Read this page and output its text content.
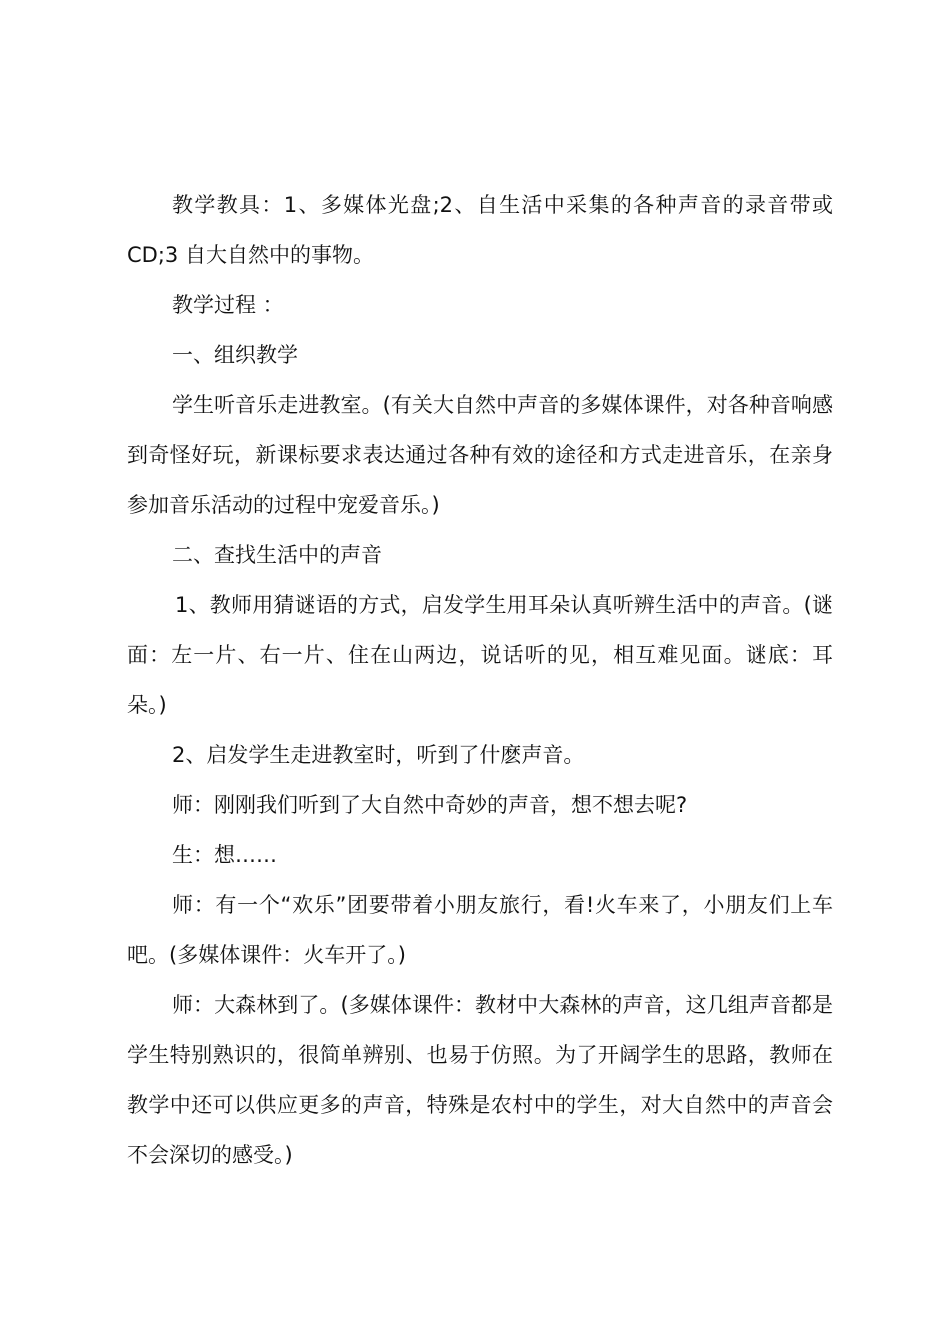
教学教具：1、多媒体光盘;2、自生活中采集的各种声音的录音带或CD;3 自大自然中的事物。

教学过程 ：

一、组织教学

学生听音乐走进教室。(有关大自然中声音的多媒体课件，对各种音响感到奇怪好玩，新课标要求表达通过各种有效的途径和方式走进音乐，在亲身参加音乐活动的过程中宠爱音乐。)

二、查找生活中的声音

1、教师用猜谜语的方式，启发学生用耳朵认真听辨生活中的声音。(谜面：左一片、右一片、住在山两边，说话听的见，相互难见面。谜底：耳朵。)

2、启发学生走进教室时，听到了什麽声音。

师：刚刚我们听到了大自然中奇妙的声音，想不想去呢?

生：想……

师：有一个“欢乐”团要带着小朋友旅行，看!火车来了，小朋友们上车吧。(多媒体课件：火车开了。)

师：大森林到了。(多媒体课件：教材中大森林的声音，这几组声音都是学生特别熟识的，很简单辨别、也易于仿照。为了开阔学生的思路，教师在教学中还可以供应更多的声音，特殊是农村中的学生，对大自然中的声音会不会深切的感受。)
